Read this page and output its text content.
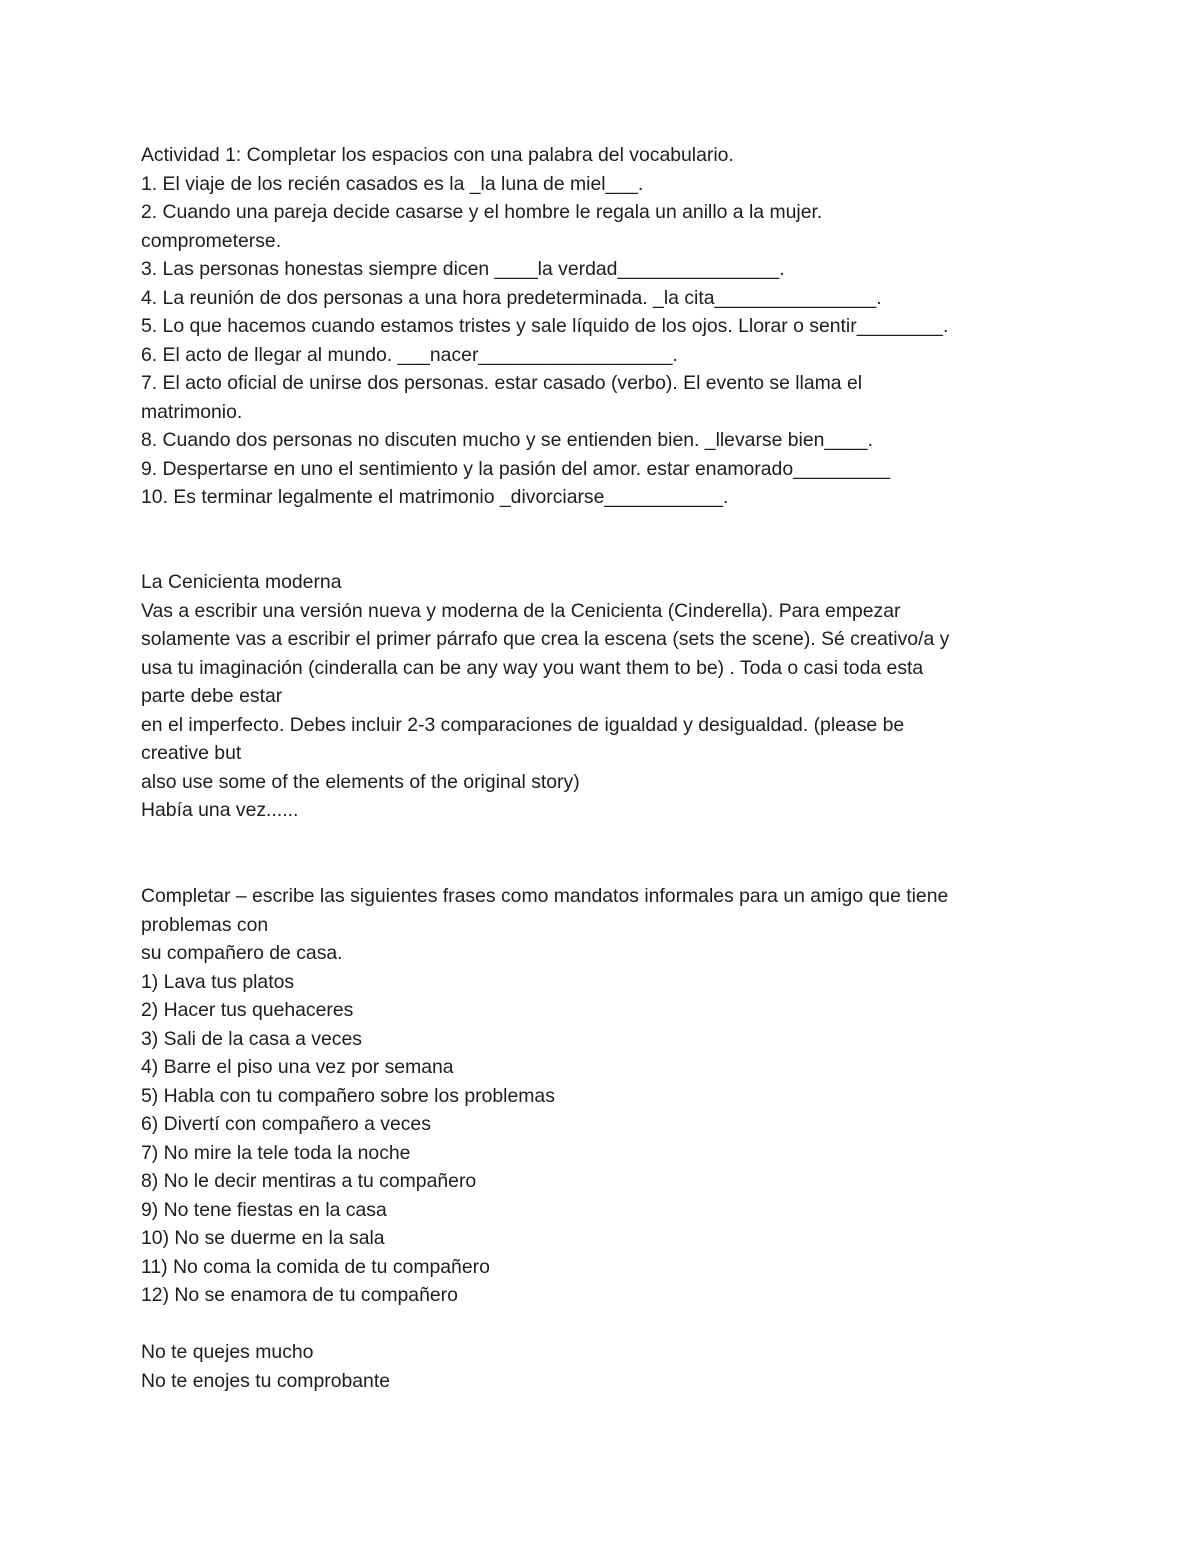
Actividad 1: Completar los espacios con una palabra del vocabulario.
1. El viaje de los recién casados es la _la luna de miel___.
2. Cuando una pareja decide casarse y el hombre le regala un anillo a la mujer.
comprometerse.
3. Las personas honestas siempre dicen ____la verdad_______________.
4. La reunión de dos personas a una hora predeterminada. _la cita_______________.
5. Lo que hacemos cuando estamos tristes y sale líquido de los ojos. Llorar o sentir________.
6. El acto de llegar al mundo. ___nacer__________________.
7. El acto oficial de unirse dos personas. estar casado (verbo). El evento se llama el
matrimonio.
8. Cuando dos personas no discuten mucho y se entienden bien. _llevarse bien____.
9. Despertarse en uno el sentimiento y la pasión del amor. estar enamorado_________
10. Es terminar legalmente el matrimonio _divorciarse___________.
La Cenicienta moderna
Vas a escribir una versión nueva y moderna de la Cenicienta (Cinderella). Para empezar
solamente vas a escribir el primer párrafo que crea la escena (sets the scene). Sé creativo/a y
usa tu imaginación (cinderalla can be any way you want them to be) . Toda o casi toda esta
parte debe estar
en el imperfecto. Debes incluir 2-3 comparaciones de igualdad y desigualdad. (please be
creative but
also use some of the elements of the original story)
Había una vez......
Completar – escribe las siguientes frases como mandatos informales para un amigo que tiene
problemas con
su compañero de casa.
1) Lava tus platos
2) Hacer tus quehaceres
3) Sali de la casa a veces
4) Barre el piso una vez por semana
5) Habla con tu compañero sobre los problemas
6) Divertí con compañero a veces
7) No mire la tele toda la noche
8) No le decir mentiras a tu compañero
9) No tene fiestas en la casa
10) No se duerme en la sala
11) No coma la comida de tu compañero
12) No se enamora de tu compañero
No te quejes mucho
No te enojes tu comprobante
